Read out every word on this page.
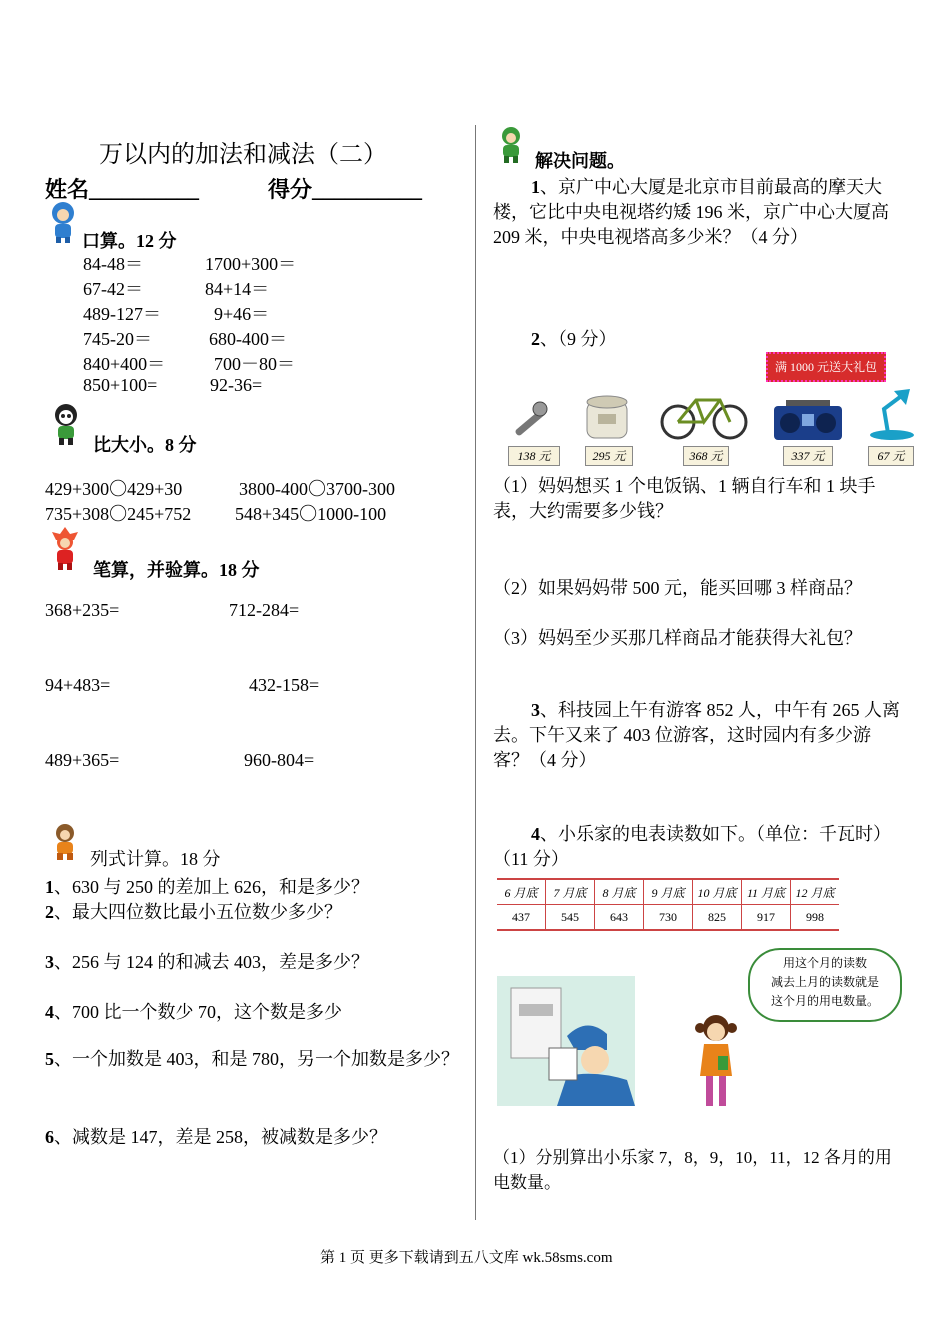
万以内的加法和减法（二）
姓名__________	得分__________
口算。12 分
84-48＝	1700+300＝
67-42＝	84+14＝
489-127＝	9+46＝
745-20＝	680-400＝
840+400＝	700－80＝
850+100=	92-36=
比大小。8 分
429+300〇429+30	3800-400〇3700-300
735+308〇245+752 548+345〇1000-100
笔算，并验算。18 分
368+235=	712-284=
94+483=	432-158=
489+365=	960-804=
列式计算。18 分
1、630 与 250 的差加上 626，和是多少？
2、最大四位数比最小五位数少多少？
3、256 与 124 的和减去 403，差是多少？
4、700 比一个数少 70，这个数是多少
5、一个加数是 403，和是 780，另一个加数是多少？
6、减数是 147，差是 258，被减数是多少？
解决问题。
1、京广中心大厦是北京市目前最高的摩天大楼，它比中央电视塔约矮 196 米，京广中心大厦高 209 米，中央电视塔高多少米？（4 分）
2、（9 分）
满 1000 元送大礼包
138 元	295 元	368 元	337 元	67 元
（1）妈妈想买 1 个电饭锅、1 辆自行车和 1 块手表，大约需要多少钱？
（2）如果妈妈带 500 元，能买回哪 3 样商品？
（3）妈妈至少买那几样商品才能获得大礼包？
3、科技园上午有游客 852 人，中午有 265 人离去。下午又来了 403 位游客，这时园内有多少游客？（4 分）
4、小乐家的电表读数如下。（单位：千瓦时）（11 分）
6 月底	7 月底	8 月底	9 月底	10 月底	11 月底	12 月底
437	545	643	730	825	917	998
用这个月的读数
减去上月的读数就是
这个月的用电数量。
（1）分别算出小乐家 7，8，9，10，11，12 各月的用电数量。
第 1 页 更多下载请到五八文库 wk.58sms.com
